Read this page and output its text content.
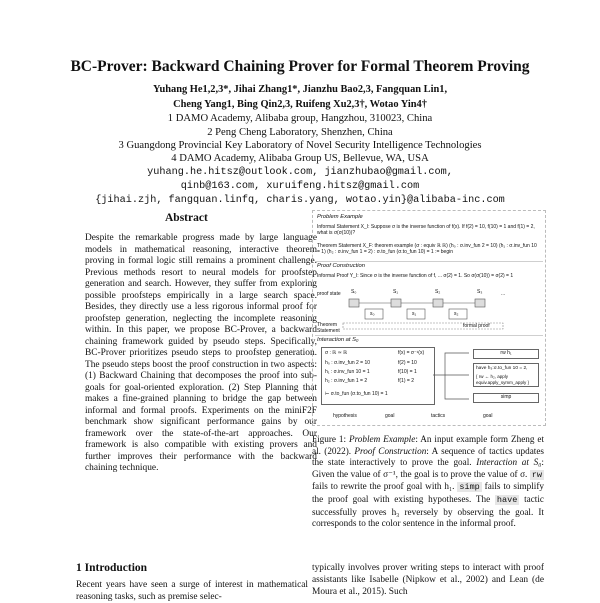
BC-Prover: Backward Chaining Prover for Formal Theorem Proving
Yuhang He1,2,3*, Jihai Zhang1*, Jianzhu Bao2,3, Fangquan Lin1,
Cheng Yang1, Bing Qin2,3, Ruifeng Xu2,3†, Wotao Yin4†
1 DAMO Academy, Alibaba group, Hangzhou, 310023, China
2 Peng Cheng Laboratory, Shenzhen, China
3 Guangdong Provincial Key Laboratory of Novel Security Intelligence Technologies
4 DAMO Academy, Alibaba Group US, Bellevue, WA, USA
yuhang.he.hitsz@outlook.com, jianzhubao@gmail.com,
qinb@163.com, xuruifeng.hitsz@gmail.com
{jihai.zjh, fangquan.linfq, charis.yang, wotao.yin}@alibaba-inc.com
Abstract
Despite the remarkable progress made by large language models in mathematical reasoning, interactive theorem proving in formal logic still remains a prominent challenge. Previous methods resort to neural models for proofstep generation and search. However, they suffer from exploring possible proofsteps empirically in a large search space. Besides, they directly use a less rigorous informal proof for proofstep generation, neglecting the incomplete reasoning within. In this paper, we propose BC-Prover, a backward chaining framework guided by pseudo steps. Specifically, BC-Prover prioritizes pseudo steps to proofstep generation. The pseudo steps boost the proof construction in two aspects: (1) Backward Chaining that decomposes the proof into sub-goals for goal-oriented exploration. (2) Step Planning that makes a fine-grained planning to bridge the gap between informal and formal proofs. Experiments on the miniF2F benchmark show significant performance gains by our framework over the state-of-the-art approaches. Our framework is also compatible with existing provers and further improves their performance with the backward chaining technique.
Problem Example
Informal Statement X_I: Suppose σ is the inverse function of f(x). If f(2) = 10, f(10) = 1 and f(1) = 2, what is σ(σ(10))?
Theorem Statement X_F: theorem example (σ : equiv ℝ ℝ) (h₀ : σ.inv_fun 2 = 10) (h₁ : σ.inv_fun 10 = 1) (h₂ : σ.inv_fun 1 = 2) : σ.to_fun (σ.to_fun 10) = 1 := begin
Proof Construction
Informal Proof Y_I: Since σ is the inverse function of f, ... σ(2) = 1. So σ(σ(10)) = σ(2) = 1
proof state S₀	S₁	S₂	S₃	...
s₀	s₁	s₂
Theorem Statement
formal proof
Interaction at S₀
σ : ℝ ≃ ℝ
h₀ : σ.inv_fun 2 = 10
h₁ : σ.inv_fun 10 = 1
h₂ : σ.inv_fun 1 = 2
⊢ σ.to_fun (σ.to_fun 10) = 1
f(x) = σ⁻¹(x)
f(2) = 10
f(10) = 1
f(1) = 2
rw h₁
have h₃:σ.to_fun 10 = 2,
{ rw ← h₂, apply equiv.apply_symm_apply }
simp
hypothesis	goal	tactics	goal
Figure 1: Problem Example: An input example form Zheng et al. (2022). Proof Construction: A sequence of tactics updates the state interactively to prove the goal. Interaction at S₀: Given the value of σ⁻¹, the goal is to prove the value of σ. rw fails to rewrite the proof goal with h₁. simp fails to simplify the proof goal with existing hypotheses. The have tactic successfully proves h₃ reversely by observing the goal. It corresponds to the color sentence in the informal proof.
1 Introduction
Recent years have seen a surge of interest in mathematical reasoning tasks, such as premise selec-
typically involves prover writing steps to interact with proof assistants like Isabelle (Nipkow et al., 2002) and Lean (de Moura et al., 2015). Such
